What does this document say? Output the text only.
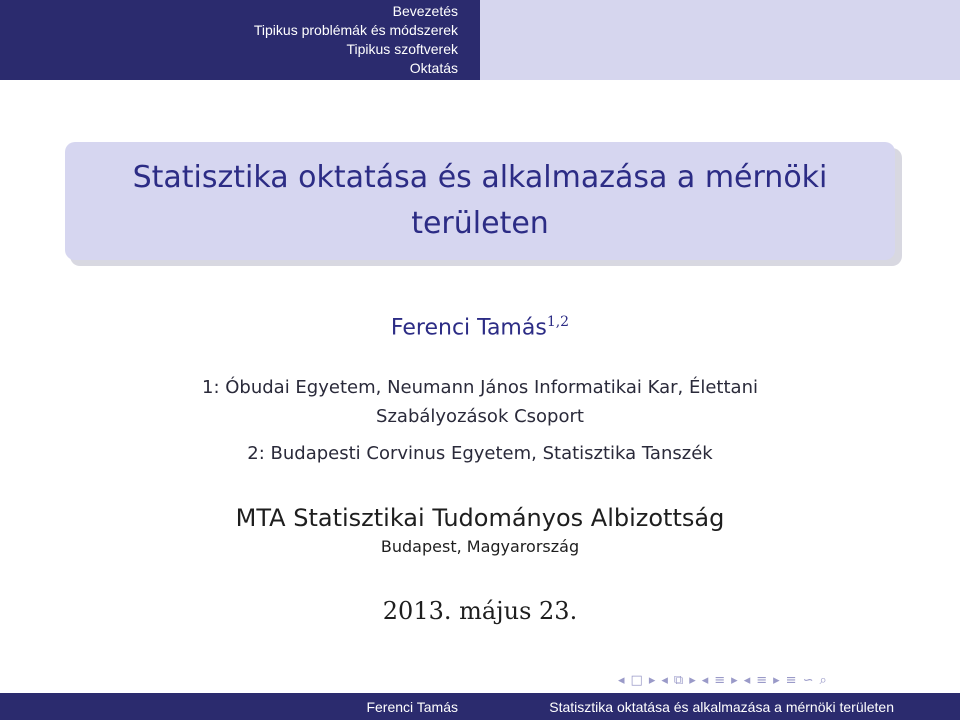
Bevezetés
Tipikus problémák és módszerek
Tipikus szoftverek
Oktatás
Statisztika oktatása és alkalmazása a mérnöki területen
Ferenci Tamás$^{1,2}$
1: Óbudai Egyetem, Neumann János Informatikai Kar, Élettani Szabályozások Csoport
2: Budapesti Corvinus Egyetem, Statisztika Tanszék
MTA Statisztikai Tudományos Albizottság
Budapest, Magyarország
2013. május 23.
◂ □ ▸ ◂ ⧉ ▸ ◂ ≡ ▸ ◂ ≡ ▸ ≡ ∽ ⌕
Ferenci Tamás	Statisztika oktatása és alkalmazása a mérnöki területen
